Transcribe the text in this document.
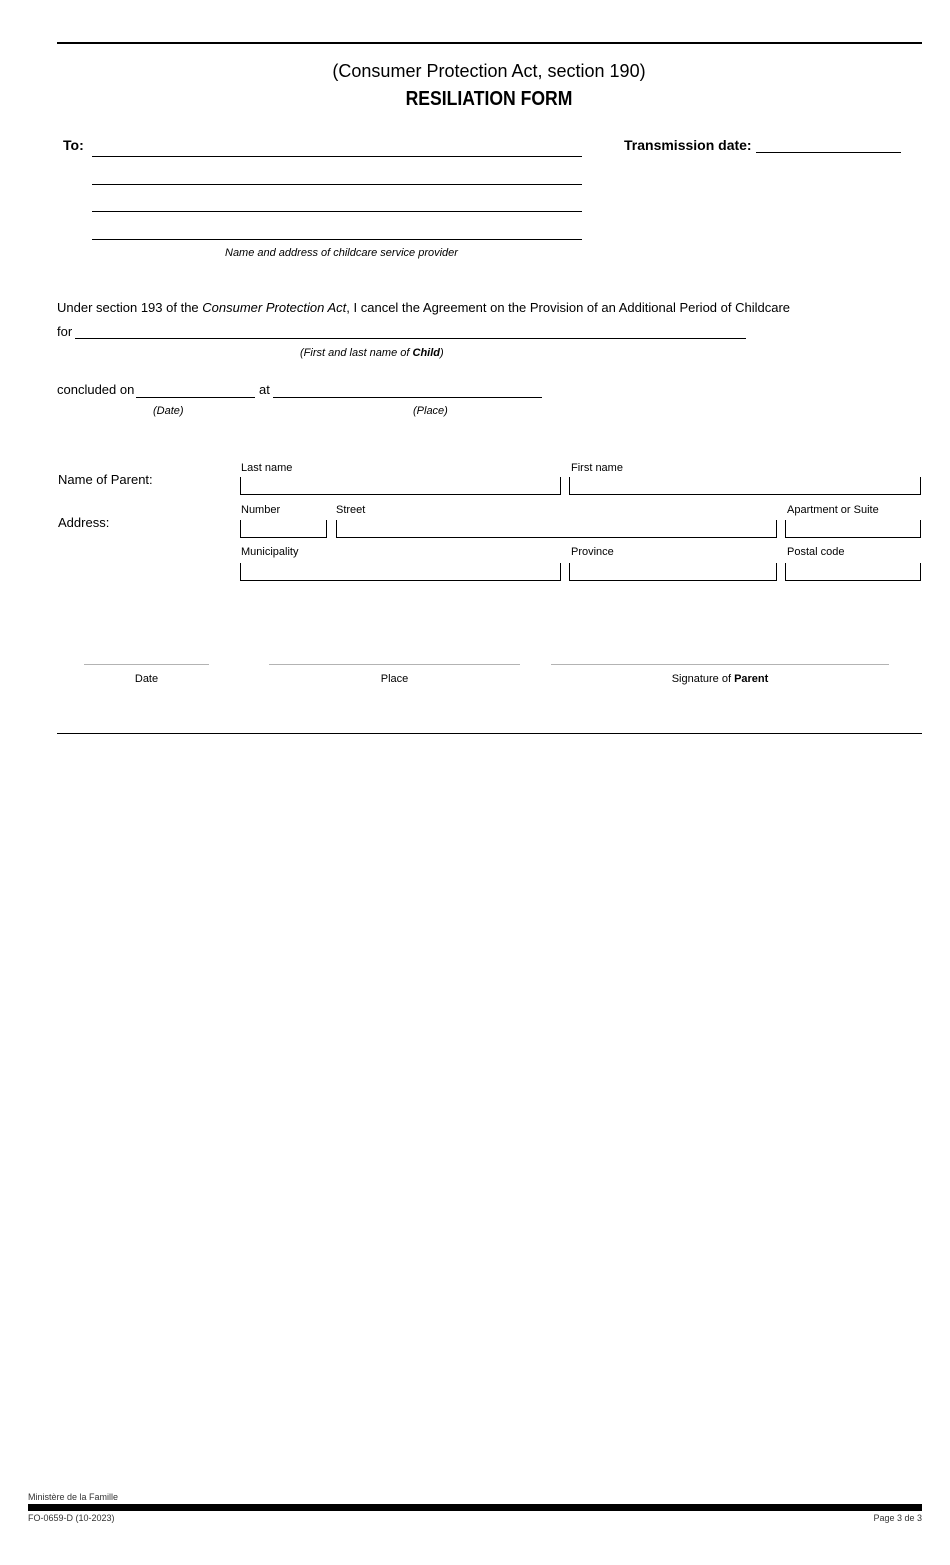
(Consumer Protection Act, section 190)
RESILIATION FORM
To:
Name and address of childcare service provider
Transmission date:
Under section 193 of the Consumer Protection Act, I cancel the Agreement on the Provision of an Additional Period of Childcare
for
(First and last name of Child)
concluded on	at
(Date)	(Place)
Name of Parent:
Last name	First name
Address:
Number	Street	Apartment or Suite
Municipality	Province	Postal code
Date	Place	Signature of Parent
Ministère de la Famille
FO-0659-D (10-2023)	Page 3 de 3
